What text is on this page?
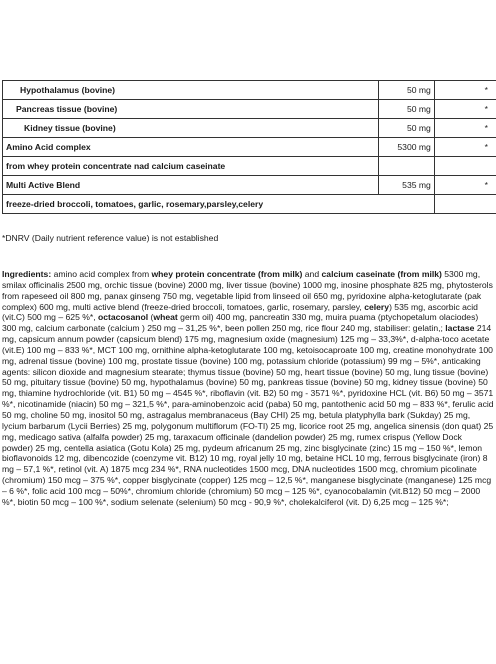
Hypothalamus (bovine)	50 mg	*
Pancreas tissue (bovine)	50 mg	*
Kidney tissue (bovine)	50 mg	*
Amino Acid complex	5300 mg	*
from whey protein concentrate nad calcium caseinate		
Multi Active Blend	535 mg	*
freeze-dried broccoli, tomatoes, garlic, rosemary,parsley,celery		

*DNRV (Daily nutrient reference value) is not established

Ingredients: amino acid complex from whey protein concentrate (from milk) and calcium caseinate (from milk) 5300 mg, smilax officinalis 2500 mg, orchic tissue (bovine) 2000 mg, liver tissue (bovine) 1000 mg, inosine phosphate 825 mg, phytosterols from rapeseed oil 800 mg, panax ginseng 750 mg, vegetable lipid from linseed oil 650 mg, pyridoxine alpha-ketoglutarate (pak complex) 600 mg, multi active blend (freeze-dried broccoli, tomatoes, garlic, rosemary, parsley, celery) 535 mg, ascorbic acid (vit.C) 500 mg – 625 %*, octacosanol (wheat germ oil) 400 mg, pancreatin 330 mg, muira puama (ptychopetalum olaciodes) 300 mg, calcium carbonate (calcium ) 250 mg – 31,25 %*, been pollen 250 mg, rice flour 240 mg, stabiliser: gelatin,; lactase 214 mg, capsicum annum powder (capsicum blend) 175 mg, magnesium oxide (magnesium) 125 mg – 33,3%*, d-alpha-toco acetate (vit.E) 100 mg – 833 %*, MCT 100 mg, ornithine alpha-ketoglutarate 100 mg, ketoisocaproate 100 mg, creatine monohydrate 100 mg, adrenal tissue (bovine) 100 mg, prostate tissue (bovine) 100 mg, potassium chloride (potassium) 99 mg – 5%*, anticaking agents: silicon dioxide and magnesium stearate; thymus tissue (bovine) 50 mg, heart tissue (bovine) 50 mg, lung tissue (bovine) 50 mg, pituitary tissue (bovine) 50 mg, hypothalamus (bovine) 50 mg, pankreas tissue (bovine) 50 mg, kidney tissue (bovine) 50 mg, thiamine hydrochloride (vit. B1) 50 mg – 4545 %*, riboflavin (vit. B2) 50 mg - 3571 %*, pyridoxine HCL (vit. B6) 50 mg – 3571 %*, nicotinamide (niacin) 50 mg – 321,5 %*, para-aminobenzoic acid (paba) 50 mg, pantothenic acid 50 mg – 833 %*, ferulic acid 50 mg, choline 50 mg, inositol 50 mg, astragalus membranaceus (Bay CHI) 25 mg, betula platyphylla bark (Sukday) 25 mg, lycium barbarum (Lycii Berries) 25 mg, polygonum multiflorum (FO-TI) 25 mg, licorice root 25 mg, angelica sinensis (don quat) 25 mg, medicago sativa (alfalfa powder) 25 mg, taraxacum officinale (dandelion powder) 25 mg, rumex crispus (Yellow Dock powder) 25 mg, centella asiatica (Gotu Kola) 25 mg, pydeum africanum 25 mg, zinc bisglycinate (zinc) 15 mg – 150 %*, lemon bioflavonoids 12 mg, dibencozide (coenzyme vit. B12) 10 mg, royal jelly 10 mg, betaine HCL 10 mg, ferrous bisglycinate (iron) 8 mg – 57,1 %*, retinol (vit. A) 1875 mcg 234 %*, RNA nucleotides 1500 mcg, DNA nucleotides 1500 mcg, chromium picolinate (chromium) 150 mcg – 375 %*, copper bisglycinate (copper) 125 mcg – 12,5 %*, manganese bisglycinate (manganese) 125 mcg – 6 %*, folic acid 100 mcg – 50%*, chromium chloride (chromium) 50 mcg – 125 %*, cyanocobalamin (vit.B12) 50 mcg – 2000 %*, biotin 50 mcg – 100 %*, sodium selenate (selenium) 50 mcg - 90,9 %*, cholekalciferol (vit. D) 6,25 mcg – 125 %*;
